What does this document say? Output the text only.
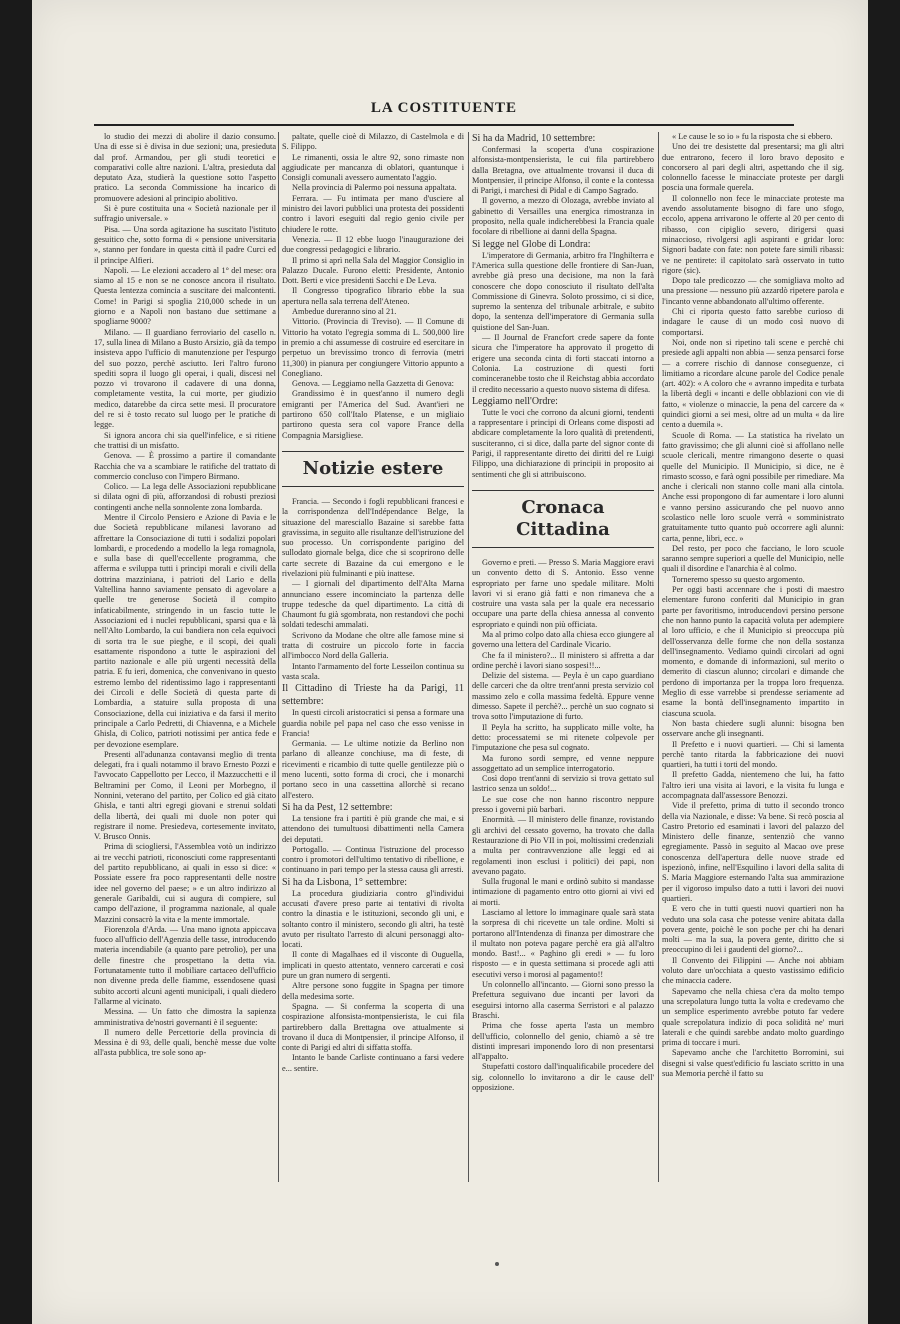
LA COSTITUENTE

lo studio dei mezzi di abolire il dazio consumo. Una di esse si è divisa in due sezioni; una, presieduta dal prof. Armandou, per gli studi teoretici e comparativi colle altre nazioni. L'altra, presieduta dal deputato Aza, studierà la questione sotto l'aspetto pratico. La seconda Commissione ha incarico di promuovere adesioni al principio abolitivo.

Si è pure costituita una « Società nazionale per il suffragio universale. »

Pisa. — Una sorda agitazione ha suscitato l'istituto gesuitico che, sotto forma di « pensione universitaria », stanno per fondare in questa città il padre Curci ed il principe Alfieri.

Napoli. — Le elezioni accadero al 1° del mese: ora siamo al 15 e non se ne conosce ancora il risultato. Questa lentezza comincia a suscitare dei malcontenti. Come! in Parigi si spoglia 210,000 schede in un giorno e a Napoli non bastano due settimane a spogliarne 9000?

Milano. — Il guardiano ferroviario del casello n. 17, sulla linea di Milano a Busto Arsizio, già da tempo insisteva appo l'ufficio di manutenzione per l'espurgo del suo pozzo, perchè asciutto. Ieri l'altro furono spediti sopra il luogo gli operai, i quali, discesi nel pozzo vi trovarono il cadavere di una donna, completamente vestita, la cui morte, per giudizio medico, datarebbe da circa sette mesi. Il procuratore del re si è tosto recato sul luogo per le pratiche di legge.

Si ignora ancora chi sia quell'infelice, e si ritiene che trattisi di un misfatto.

Genova. — È prossimo a partire il comandante Racchia che va a scambiare le ratifiche del trattato di commercio concluso con l'impero Birmano.

Colico. — La lega delle Associazioni repubblicane si dilata ogni dì più, afforzandosi di robusti preziosi contingenti anche nella sonnolente zona lombarda.

Mentre il Circolo Pensiero e Azione di Pavia e le due Società repubblicane milanesi lavorano ad affrettare la Consociazione di tutti i sodalizi popolari lombardi, e procedendo a modello la lega romagnola, e sulla base di quell'eccellente programma, che afferma e sviluppa tutti i principi morali e civili della dottrina mazziniana, i patrioti del Lario e della Valtellina hanno saviamente pensato di agevolare a quelle tre generose Società il compito infaticabilmente, stringendo in un fascio tutte le Associazioni ed i nuclei repubblicani, sparsi qua e là nell'Alto Lombardo, la cui bandiera non cela equivoci di sorta tra le sue pieghe, e il scopi, dei quali esattamente rispondono a tutte le aspirazioni del partito nazionale e alle più urgenti necessità della patria. E fu ieri, domenica, che convenivano in questo estremo lembo del ridentissimo lago i rappresentanti dei Circoli e delle Società di questa parte di Lombardia, a statuire sulla proposta di una Consociazione, della cui iniziativa e da farsi il merito principale a Carlo Pedretti, di Chiavenna, e a Michele Ghisla, di Colico, patrioti notissimi per antica fede e per devozione esemplare.

Presenti all'adunanza contavansi meglio di trenta delegati, fra i quali notammo il bravo Ernesto Pozzi e l'avvocato Cappellotto per Lecco, il Mazzucchetti e il Beltramini per Como, il Leoni per Morbegno, il Nonnini, veterano del partito, per Colico ed già citato Ghisla, e tanti altri egregi giovani e strenui soldati della libertà, dei quali mi duole non poter qui registrare il nome. Presiedeva, cortesemente invitato, V. Brusco Onnis.

Prima di sciogliersi, l'Assemblea votò un indirizzo ai tre vecchi patrioti, riconosciuti come rappresentanti del partito repubblicano, ai quali in esso si dice: « Possiate essere fra poco rappresentanti delle nostre idee nel governo del paese; » e un altro indirizzo al generale Garibaldi, cui si augura di compiere, sul campo dell'azione, il programma nazionale, al quale Mazzini consacrò la vita e la mente immortale.

Fiorenzola d'Arda. — Una mano ignota appiccava fuoco all'ufficio dell'Agenzia delle tasse, introducendo materia incendiabile (a quanto pare petrolio), per una delle finestre che prospettano la detta via. Fortunatamente tutto il mobiliare cartaceo dell'ufficio non divenne preda delle fiamme, essendosene quasi subito accorti alcuni agenti municipali, i quali diedero l'allarme al vicinato.

Messina. — Un fatto che dimostra la sapienza amministrativa de'nostri governanti è il seguente:

Il numero delle Percettorie della provincia di Messina è di 93, delle quali, benchè messe due volte all'asta pubblica, tre sole sono ap-

paltate, quelle cioè di Milazzo, di Castelmola e di S. Filippo.

Le rimanenti, ossia le altre 92, sono rimaste non aggiudicate per mancanza di oblatori, quantunque i Consigli comunali avessero aumentato l'aggio.

Nella provincia di Palermo poi nessuna appaltata.

Ferrara. — Fu intimata per mano d'usciere al ministro dei lavori pubblici una protesta dei possidenti contro i lavori eseguiti dal regio genio civile per chiudere le rotte.

Venezia. — Il 12 ebbe luogo l'inaugurazione dei due congressi pedagogici e librario.

Il primo si aprì nella Sala del Maggior Consiglio in Palazzo Ducale. Furono eletti: Presidente, Antonio Dott. Berti e vice presidenti Sacchi e De Leva.

Il Congresso tipografico librario ebbe la sua apertura nella sala terrena dell'Ateneo.

Ambedue dureranno sino al 21.

Vittorio. (Provincia di Treviso). — Il Comune di Vittorio ha votato l'egregia somma di L. 500,000 lire in premio a chi assumesse di costruire ed esercitare in perpetuo un brevissimo tronco di ferrovia (metri 11,300) in pianura per congiungere Vittorio appunto a Conegliano.

Genova. — Leggiamo nella Gazzetta di Genova:

Grandissimo è in quest'anno il numero degli emigranti per l'America del Sud. Avant'ieri ne partirono 650 coll'Italo Platense, e un migliaio partirono questa sera col vapore France della Compagnia Marsigliese.

Notizie estere

Francia. — Secondo i fogli repubblicani francesi e la corrispondenza dell'Indépendance Belge, la situazione del maresciallo Bazaine si sarebbe fatta gravissima, in seguito alle risultanze dell'istruzione del suo processo. Un corrispondente parigino del sullodato giornale belga, dice che si scoprirono delle carte secrete di Bazaine da cui emergono e le rivelazioni più fulminanti e più inattese.

— I giornali del dipartimento dell'Alta Marna annunciano essere incominciato la partenza delle truppe tedesche da quel dipartimento. La città di Chaumont fu già sgombrata, non restandovi che pochi soldati tedeschi ammalati.

Scrivono da Modane che oltre alle famose mine si tratta di costruire un piccolo forte in faccia all'imbocco Nord della Galleria.

Intanto l'armamento del forte Lesseilon continua su vasta scala.

Il Cittadino di Trieste ha da Parigi, 11 settembre:

In questi circoli aristocratici si pensa a formare una guardia nobile pel papa nel caso che esso venisse in Francia!

Germania. — Le ultime notizie da Berlino non parlano di alleanze conchiuse, ma di feste, di ricevimenti e ricambio di tutte quelle gentilezze più o meno lucenti, sotto forma di croci, che i monarchi portano seco in una cassettina allorchè si recano all'estero.

Si ha da Pest, 12 settembre:

La tensione fra i partiti è più grande che mai, e si attendono dei tumultuosi dibattimenti nella Camera dei deputati.

Portogallo. — Continua l'istruzione del processo contro i promotori dell'ultimo tentativo di ribellione, e continuano in pari tempo per la stessa causa gli arresti.

Si ha da Lisbona, 1° settembre:

La procedura giudiziaria contro gl'individui accusati d'avere preso parte ai tentativi di rivolta contro la dinastia e le istituzioni, secondo gli uni, e soltanto contro il ministero, secondo gli altri, ha testè avuto per risultato l'arresto di alcuni personaggi alto-locati.

Il conte di Magalhaes ed il visconte di Ouguella, implicati in questo attentato, vennero carcerati e così pure un gran numero di sergenti.

Altre persone sono fuggite in Spagna per timore della medesima sorte.

Spagna. — Si conferma la scoperta di una cospirazione alfonsista-montpensierista, le cui fila partirebbero dalla Brettagna ove attualmente si trovano il duca di Montpensier, il principe Alfonso, il conte di Parigi ed altri di siffatta stoffa.

Intanto le bande Carliste continuano a farsi vedere e... sentire.

Si ha da Madrid, 10 settembre:

Confermasi la scoperta d'una cospirazione alfonsista-montpensierista, le cui fila partirebbero dalla Bretagna, ove attualmente trovansi il duca di Montpensier, il principe Alfonso, il conte e la contessa di Parigi, i marchesi di Pidal e di Campo Sagrado.

Il governo, a mezzo di Olozaga, avrebbe inviato al gabinetto di Versailles una energica rimostranza in proposito, nella quale indicherebbesi la Francia quale focolare di ribellione ai danni della Spagna.

Si legge nel Globe di Londra:

L'imperatore di Germania, arbitro fra l'Inghilterra e l'America sulla questione delle frontiere di San-Juan, avrebbe già preso una decisione, ma non la farà conoscere che dopo conosciuto il risultato dell'alta Commissione di Ginevra. Soloto prossimo, ci si dice, supremo la sentenza del tribunale arbitrale, e subito dopo, la sentenza dell'imperatore di Germania sulla quistione del San-Juan.

— Il Journal de Francfort crede sapere da fonte sicura che l'imperatore ha approvato il progetto di erigere una seconda cinta di forti staccati intorno a Colonia. La costruzione di questi forti cominceranebbe tosto che il Reichstag abbia accordato il credito necessario a questo nuovo sistema di difesa.

Leggiamo nell'Ordre:

Tutte le voci che corrono da alcuni giorni, tendenti a rappresentare i principi di Orleans come disposti ad abdicare completamente la loro qualità di pretendenti, susciteranno, ci si dice, dalla parte del signor conte di Parigi, il rappresentante diretto dei diritti del re Luigi Filippo, una dichiarazione di principii in proposito ai sentimenti che gli si attribuiscono.

Cronaca Cittadina

Governo e preti. — Presso S. Maria Maggiore eravi un convento detto di S. Antonio. Esso venne espropriato per farne uno spedale militare. Molti lavori vi si erano già fatti e non rimaneva che a costruire una vasta sala per la quale era necessario occupare una parte della chiesa annessa al convento espropriato e quindi non più officiata.

Ma al primo colpo dato alla chiesa ecco giungere al governo una lettera del Cardinale Vicario.

Che fa il ministero?... Il ministero si affretta a dar ordine perchè i lavori siano sospesi!!...

Delizie del sistema. — Peyla è un capo guardiano delle carceri che da oltre trent'anni presta servizio col massimo zelo e colla massima fedeltà. Eppure venne dimesso. Sapete il perchè?... perchè un suo cognato si trova sotto l'imputazione di furto.

Il Peyla ha scritto, ha supplicato mille volte, ha detto: processatemi se mi ritenete colpevole per l'imputazione che pesa sul cognato.

Ma furono sordi sempre, ed venne neppure assoggettato ad un semplice interrogatorio.

Così dopo trent'anni di servizio si trova gettato sul lastrico senza un soldo!...

Le sue cose che non hanno riscontro neppure presso i governi più barbari.

Enormità. — Il ministero delle finanze, rovistando gli archivi del cessato governo, ha trovato che dalla Restaurazione di Pio VII in poi, moltissimi credenziali a multa per contravvenzione alle leggi ed ai regolamenti inon esclusi i politici) dei papi, non avevano pagato.

Sulla frugonal le mani e ordinò subito si mandasse intimazione di pagamento entro otto giorni ai vivi ed ai morti.

Lasciamo al lettore lo immaginare quale sarà stata la sorpresa di chi ricevette un tale ordine. Molti si portarono all'Intendenza di finanza per dimostrare che il multato non poteva pagare perchè era già all'altro mondo. Bast!... « Paghino gli eredi » — fu loro risposto — e in questa settimana si procede agli atti esecutivi verso i morosi al pagamento!!

Un colonnello all'incanto. — Giorni sono presso la Prefettura seguivano due incanti per lavori da eseguirsi intorno alla caserma Serristori e al palazzo Braschi.

Prima che fosse aperta l'asta un membro dell'ufficio, colonnello del genio, chiamò a sè tre distinti impresari imponendo loro di non presentarsi all'appalto.

Stupefatti costoro dall'inqualificabile procedere del sig. colonnello lo invitarono a dir le cause dell' opposizione.

« Le cause le so io » fu la risposta che si ebbero.

Uno dei tre desistette dal presentarsi; ma gli altri due entrarono, fecero il loro bravo deposito e concorsero al pari degli altri, aspettando che il sig. colonnello facesse le minacciate proteste per dargli poscia una formale querela.

Il colonnello non fece le minacciate proteste ma avendo assolutamente bisogno di fare uno sfogo, eccolo, appena arrivarono le offerte al 20 per cento di ribasso, con cipiglio severo, dirigersi quasi minaccioso, rivolgersi agli aspiranti e gridar loro: Signori badate con fate: non potete fare simili ribassi: ve ne pentirete: il capitolato sarà osservato in tutto rigore (sic).

Dopo tale predicozzo — che somigliava molto ad una pressione — nessuno più azzardò ripetere parola e l'incanto venne abbandonato all'ultimo offerente.

Chi ci riporta questo fatto sarebbe curioso di indagare le cause di un modo così nuovo di comportarsi.

Noi, onde non si ripetino tali scene e perchè chi presiede agli appalti non abbia — senza pensarci forse — a correre rischio di dannose conseguenze, ci limitiamo a ricordare alcune parole del Codice penale (art. 402): « A coloro che « avranno impedita e turbata la libertà degli « incanti e delle obblazioni con vie di fatto, « violenze o minaccie, la pena del carcere da « quindici giorni a sei mesi, oltre ad un multa « da lire cento a duemila ».

Scuole di Roma. — La statistica ha rivelato un fatto gravissimo; che gli alunni cioè si affollano nelle scuole clericali, mentre rimangono deserte o quasi quelle del Municipio. Il Municipio, si dice, ne è rimasto scosso, e farà ogni possibile per rimediare. Ma anche i clericali non stanno colle mani alla cintola. Anche essi propongono di far aumentare i loro alunni e vanno persino assicurando che pel nuovo anno scolastico nelle loro scuole verrà « somministrato gratuitamente tutto quanto può occorrere agli alunni: carta, penne, libri, ecc. »

Del resto, per poco che facciano, le loro scuole saranno sempre superiori a quelle del Municipio, nelle quali il disordine e l'anarchia è al colmo.

Torneremo spesso su questo argomento.

Per oggi basti accennare che i posti di maestro elementare furono conferiti dal Municipio in gran parte per favoritismo, introducendovi persino persone che non hanno punto la capacità voluta per adempiere al loro ufficio, e che il Municipio si preoccupa più dell'osservanza delle forme che non della sostanza dell'insegnamento. Vediamo quindi circolari ad ogni momento, e domande di informazioni, sul merito o demerito di ciascun alunno; circolari e dimande che perdono di importanza per la troppa loro frequenza. Meglio di esse varrebbe si prendesse seriamente ad esame la bontà dell'insegnamento impartito in ciascuna scuola.

Non basta chiedere sugli alunni: bisogna ben osservare anche gli insegnanti.

Il Prefetto e i nuovi quartieri. — Chi si lamenta perchè tanto ritarda la fabbricazione dei nuovi quartieri, ha tutti i torti del mondo.

Il prefetto Gadda, nientemeno che lui, ha fatto l'altro ieri una visita ai lavori, e la visita fu lunga e accompagnata dall'assessore Benozzi.

Vide il prefetto, prima di tutto il secondo tronco della via Nazionale, e disse: Va bene. Si recò poscia al Castro Pretorio ed esaminati i lavori del palazzo del Ministero delle finanze, sentenziò che vanno egregiamente. Passò in seguito al Macao ove prese conoscenza dell'apertura delle nuove strade ed ispezionò, infine, nell'Esquilino i lavori della salita di S. Maria Maggiore esternando l'alta sua ammirazione per il vigoroso impulso dato a tutti i lavori dei nuovi quartieri.

E vero che in tutti questi nuovi quartieri non ha veduto una sola casa che potesse venire abitata dalla povera gente, poichè le son poche per chi ha denari molti — ma la sua, la povera gente, diritto che si preoccupino di lei i gaudenti del giorno?...

Il Convento dei Filippini — Anche noi abbiam voluto dare un'occhiata a questo vastissimo edificio che minaccia cadere.

Sapevamo che nella chiesa c'era da molto tempo una screpolatura lungo tutta la volta e credevamo che un semplice esperimento avrebbe potuto far vedere quale screpolatura indizio di poca solidità ne' muri laterali e che quindi sarebbe andato molto guardingo prima di toccare i muri.

Sapevamo anche che l'architetto Borromini, sui disegni si valse quest'edificio fu lasciato scritto in una sua Memoria perchè il fatto su
